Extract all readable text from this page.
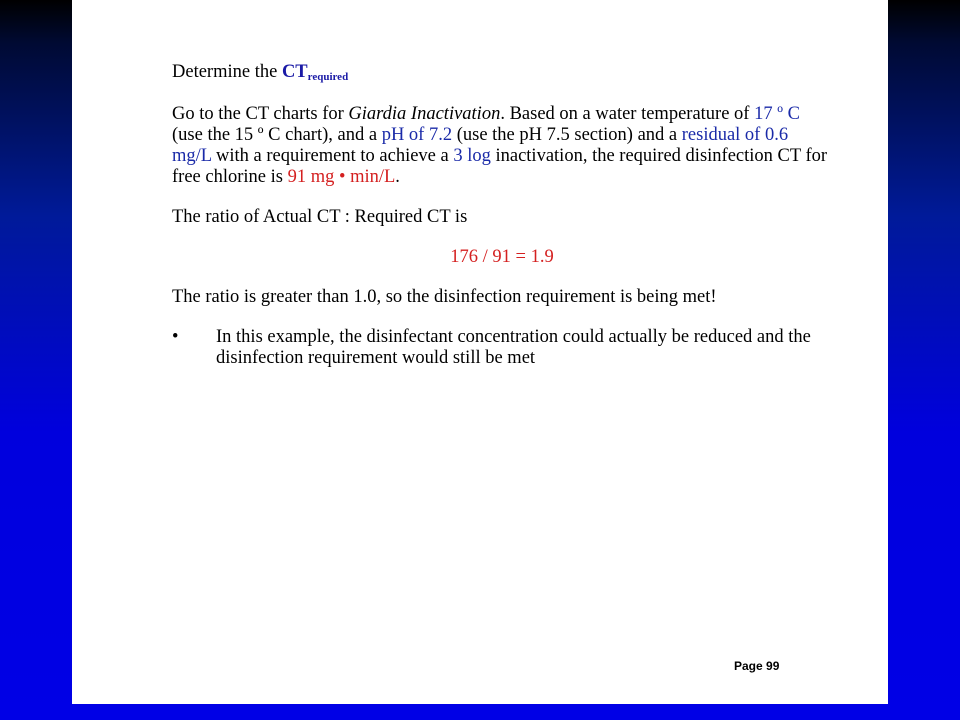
Determine the $CT_{required}$

Go to the CT charts for Giardia Inactivation. Based on a water temperature of 17 º C (use the 15 º C chart), and a pH of 7.2 (use the pH 7.5 section) and a residual of 0.6 mg/L with a requirement to achieve a 3 log inactivation, the required disinfection CT for free chlorine is 91 mg • min/L.

The ratio of Actual CT : Required CT is

176 / 91 = 1.9

The ratio is greater than 1.0, so the disinfection requirement is being met!

•	In this example, the disinfectant concentration could actually be reduced and the disinfection requirement would still be met
Page 99
